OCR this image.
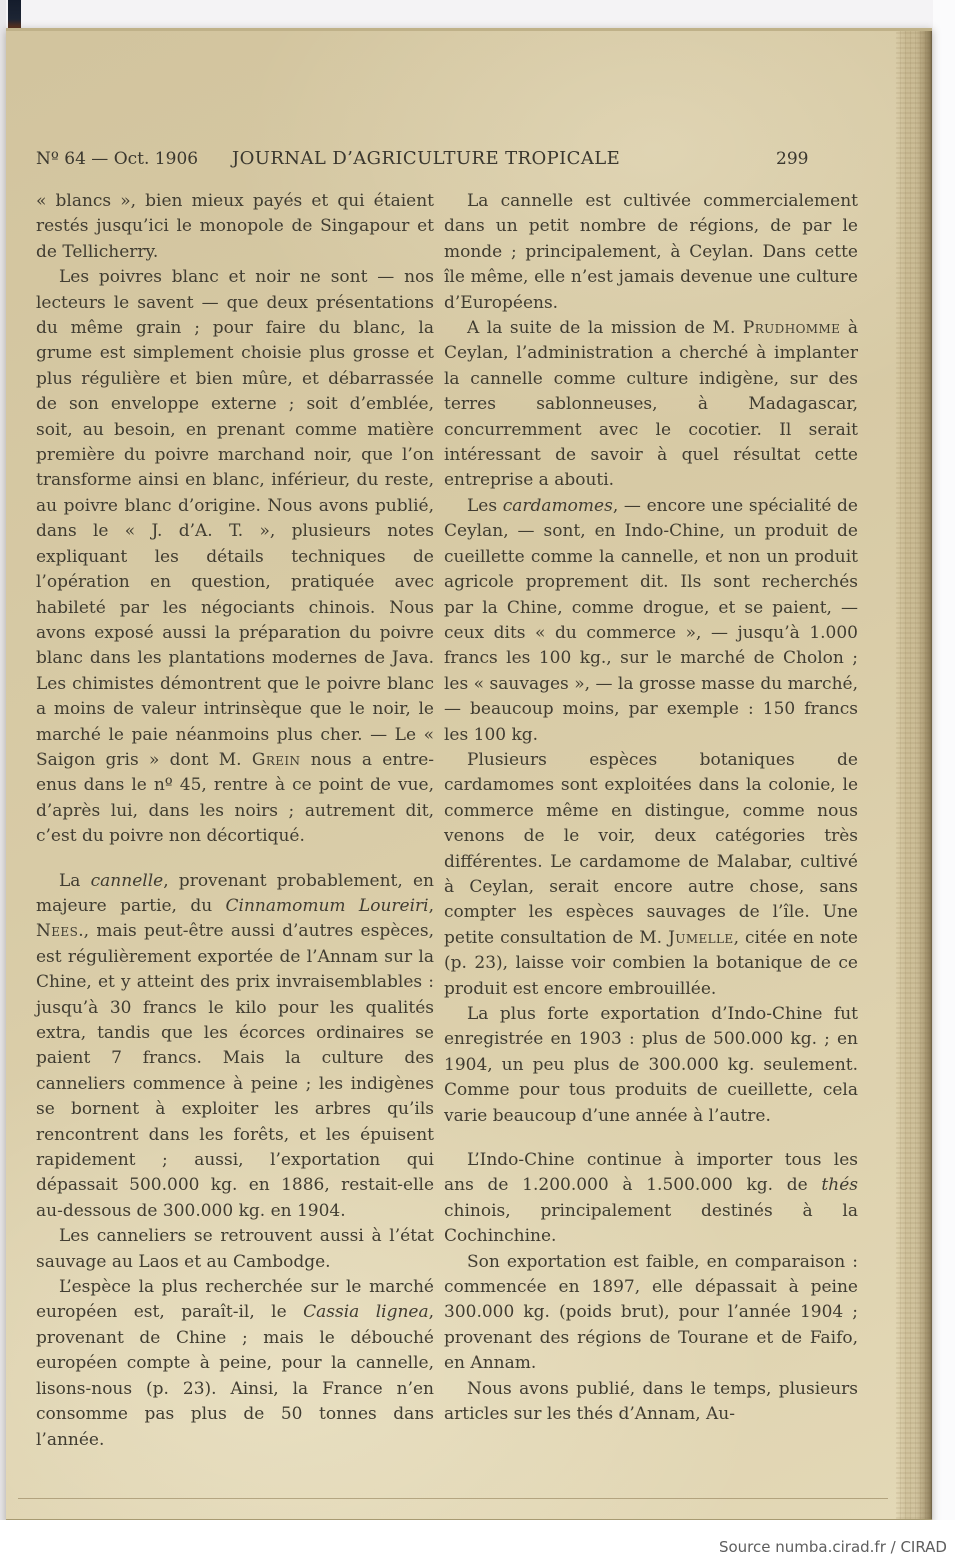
Nº 64 — Oct. 1906 JOURNAL D’AGRICULTURE TROPICALE	299

« blancs », bien mieux payés et qui étaient restés jusqu’ici le monopole de Singapour et de Tellicherry.

Les poivres blanc et noir ne sont — nos lecteurs le savent — que deux présentations du même grain ; pour faire du blanc, la grume est simplement choisie plus grosse et plus régulière et bien mûre, et débarrassée de son enveloppe externe ; soit d’emblée, soit, au besoin, en prenant comme matière première du poivre marchand noir, que l’on transforme ainsi en blanc, inférieur, du reste, au poivre blanc d’origine. Nous avons publié, dans le « J. d’A. T. », plusieurs notes expliquant les détails techniques de l’opération en question, pratiquée avec habileté par les négociants chinois. Nous avons exposé aussi la préparation du poivre blanc dans les plantations modernes de Java. Les chimistes démontrent que le poivre blanc a moins de valeur intrinsèque que le noir, le marché le paie néanmoins plus cher. — Le « Saigon gris » dont M. Grein nous a entre-enus dans le nº 45, rentre à ce point de vue, d’après lui, dans les noirs ; autrement dit, c’est du poivre non décortiqué.

La cannelle, provenant probablement, en majeure partie, du Cinnamomum Loureiri, Nees., mais peut-être aussi d’autres espèces, est régulièrement exportée de l’Annam sur la Chine, et y atteint des prix invraisemblables : jusqu’à 30 francs le kilo pour les qualités extra, tandis que les écorces ordinaires se paient 7 francs. Mais la culture des canneliers commence à peine ; les indigènes se bornent à exploiter les arbres qu’ils rencontrent dans les forêts, et les épuisent rapidement ; aussi, l’exportation qui dépassait 500.000 kg. en 1886, restait-elle au-dessous de 300.000 kg. en 1904.

Les canneliers se retrouvent aussi à l’état sauvage au Laos et au Cambodge.

L’espèce la plus recherchée sur le marché européen est, paraît-il, le Cassia lignea, provenant de Chine ; mais le débouché européen compte à peine, pour la cannelle, lisons-nous (p. 23). Ainsi, la France n’en consomme pas plus de 50 tonnes dans l’année.

La cannelle est cultivée commercialement dans un petit nombre de régions, de par le monde ; principalement, à Ceylan. Dans cette île même, elle n’est jamais devenue une culture d’Européens.

A la suite de la mission de M. Prudhomme à Ceylan, l’administration a cherché à implanter la cannelle comme culture indigène, sur des terres sablonneuses, à Madagascar, concurremment avec le cocotier. Il serait intéressant de savoir à quel résultat cette entreprise a abouti.

Les cardamomes, — encore une spécialité de Ceylan, — sont, en Indo-Chine, un produit de cueillette comme la cannelle, et non un produit agricole proprement dit. Ils sont recherchés par la Chine, comme drogue, et se paient, — ceux dits « du commerce », — jusqu’à 1.000 francs les 100 kg., sur le marché de Cholon ; les « sauvages », — la grosse masse du marché, — beaucoup moins, par exemple : 150 francs les 100 kg.

Plusieurs espèces botaniques de cardamomes sont exploitées dans la colonie, le commerce même en distingue, comme nous venons de le voir, deux catégories très différentes. Le cardamome de Malabar, cultivé à Ceylan, serait encore autre chose, sans compter les espèces sauvages de l’île. Une petite consultation de M. Jumelle, citée en note (p. 23), laisse voir combien la botanique de ce produit est encore embrouillée.

La plus forte exportation d’Indo-Chine fut enregistrée en 1903 : plus de 500.000 kg. ; en 1904, un peu plus de 300.000 kg. seulement. Comme pour tous produits de cueillette, cela varie beaucoup d’une année à l’autre.

L’Indo-Chine continue à importer tous les ans de 1.200.000 à 1.500.000 kg. de thés chinois, principalement destinés à la Cochinchine.

Son exportation est faible, en comparaison : commencée en 1897, elle dépassait à peine 300.000 kg. (poids brut), pour l’année 1904 ; provenant des régions de Tourane et de Faifo, en Annam.

Nous avons publié, dans le temps, plusieurs articles sur les thés d’Annam, Au-

Source numba.cirad.fr / CIRAD
